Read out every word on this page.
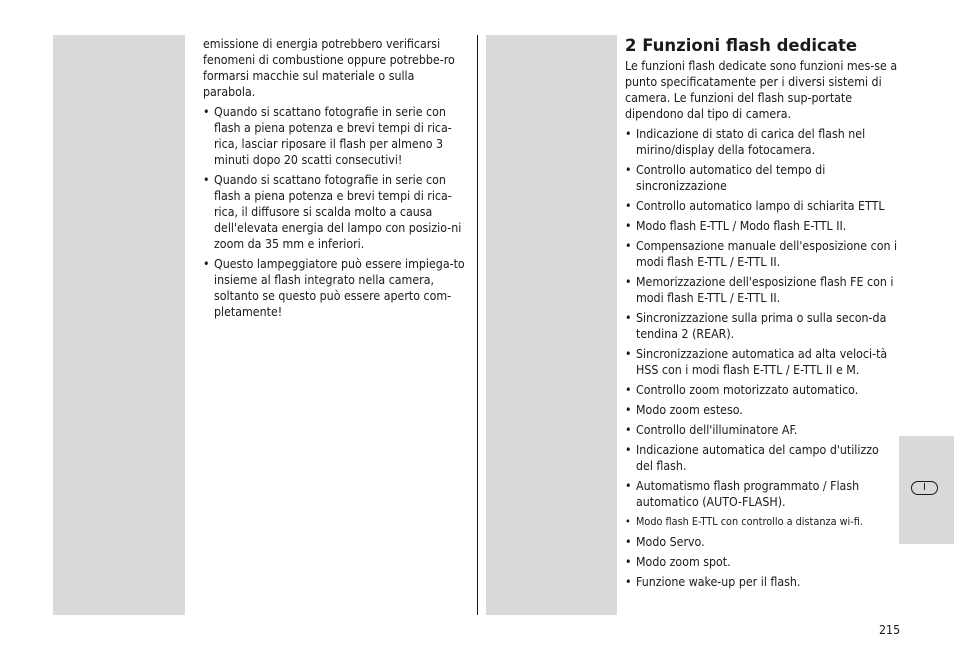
emissione di energia potrebbero verificarsi fenomeni di combustione oppure potrebbe-ro formarsi macchie sul materiale o sulla parabola.

• Quando si scattano fotografie in serie con flash a piena potenza e brevi tempi di rica-rica, lasciar riposare il flash per almeno 3 minuti dopo 20 scatti consecutivi!
• Quando si scattano fotografie in serie con flash a piena potenza e brevi tempi di rica-rica, il diffusore si scalda molto a causa dell'elevata energia del lampo con posizio-ni zoom da 35 mm e inferiori.
• Questo lampeggiatore può essere impiega-to insieme al flash integrato nella camera, soltanto se questo può essere aperto com-pletamente!
2 Funzioni flash dedicate

Le funzioni flash dedicate sono funzioni mes-se a punto specificatamente per i diversi sistemi di camera. Le funzioni del flash sup-portate dipendono dal tipo di camera.

• Indicazione di stato di carica del flash nel mirino/display della fotocamera.
• Controllo automatico del tempo di sincronizzazione
• Controllo automatico lampo di schiarita ETTL
• Modo flash E-TTL / Modo flash E-TTL II.
• Compensazione manuale dell'esposizione con i modi flash E-TTL / E-TTL II.
• Memorizzazione dell'esposizione flash FE con i modi flash E-TTL / E-TTL II.
• Sincronizzazione sulla prima o sulla secon-da tendina 2 (REAR).
• Sincronizzazione automatica ad alta veloci-tà HSS con i modi flash E-TTL / E-TTL II e M.
• Controllo zoom motorizzato automatico.
• Modo zoom esteso.
• Controllo dell'illuminatore AF.
• Indicazione automatica del campo d'utilizzo del flash.
• Automatismo flash programmato / Flash automatico (AUTO-FLASH).
• Modo flash E-TTL con controllo a distanza wi-fi.
• Modo Servo.
• Modo zoom spot.
• Funzione wake-up per il flash.
I
215
